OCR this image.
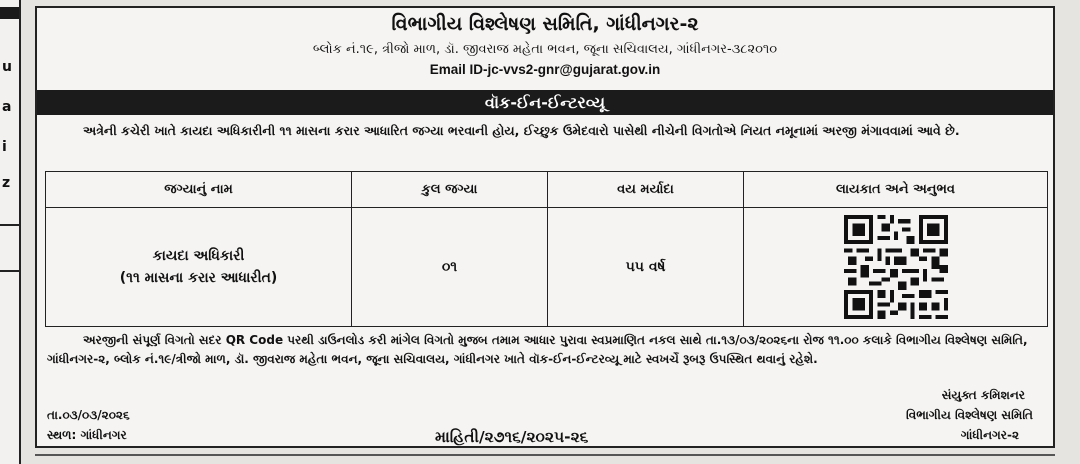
u
a
i
z
વિભાગીય વિશ્લેષણ સમિતિ, ગાંધીનગર-૨
બ્લોક નં.૧૯, ત્રીજો માળ, ડૉ. જીવરાજ મહેતા ભવન, જૂના સચિવાલય, ગાંધીનગર-૩૮૨૦૧૦
Email ID-jc-vvs2-gnr@gujarat.gov.in
વૉક-ઈન-ઈન્ટરવ્યૂ
અત્રેની કચેરી ખાતે કાયદા અધિકારીની ૧૧ માસના કરાર આધારિત જગ્યા ભરવાની હોય, ઈચ્છુક ઉમેદવારો પાસેથી નીચેની વિગતોએ નિયત નમૂનામાં અરજી મંગાવવામાં આવે છે.
જગ્યાનું નામ	કુલ જગ્યા	વય મર્યાદા	લાયકાત અને અનુભવ

કાયદા અધિકારી
(૧૧ માસના કરાર આધારીત)	૦૧	૫૫ વર્ષ	
અરજીની સંપૂર્ણ વિગતો સદર QR Code પરથી ડાઉનલોડ કરી માંગેલ વિગતો મુજબ તમામ આધાર પુરાવા સ્વપ્રમાણિત નકલ સાથે તા.૧૩/૦૩/૨૦૨૬ના રોજ ૧૧.૦૦ કલાકે વિભાગીય વિશ્લેષણ સમિતિ, ગાંધીનગર-૨, બ્લોક નં.૧૯/ત્રીજો માળ, ડૉ. જીવરાજ મહેતા ભવન, જૂના સચિવાલય, ગાંધીનગર ખાતે વૉક-ઈન-ઈન્ટરવ્યૂ માટે સ્વખર્ચે રૂબરૂ ઉપસ્થિત થવાનું રહેશે.
તા.૦૩/૦૩/૨૦૨૬
સ્થળ: ગાંધીનગર	માહિતી/૨૭૧૬/૨૦૨૫-૨૬
સંયુક્ત કમિશનર
વિભાગીય વિશ્લેષણ સમિતિ
ગાંધીનગર-૨
